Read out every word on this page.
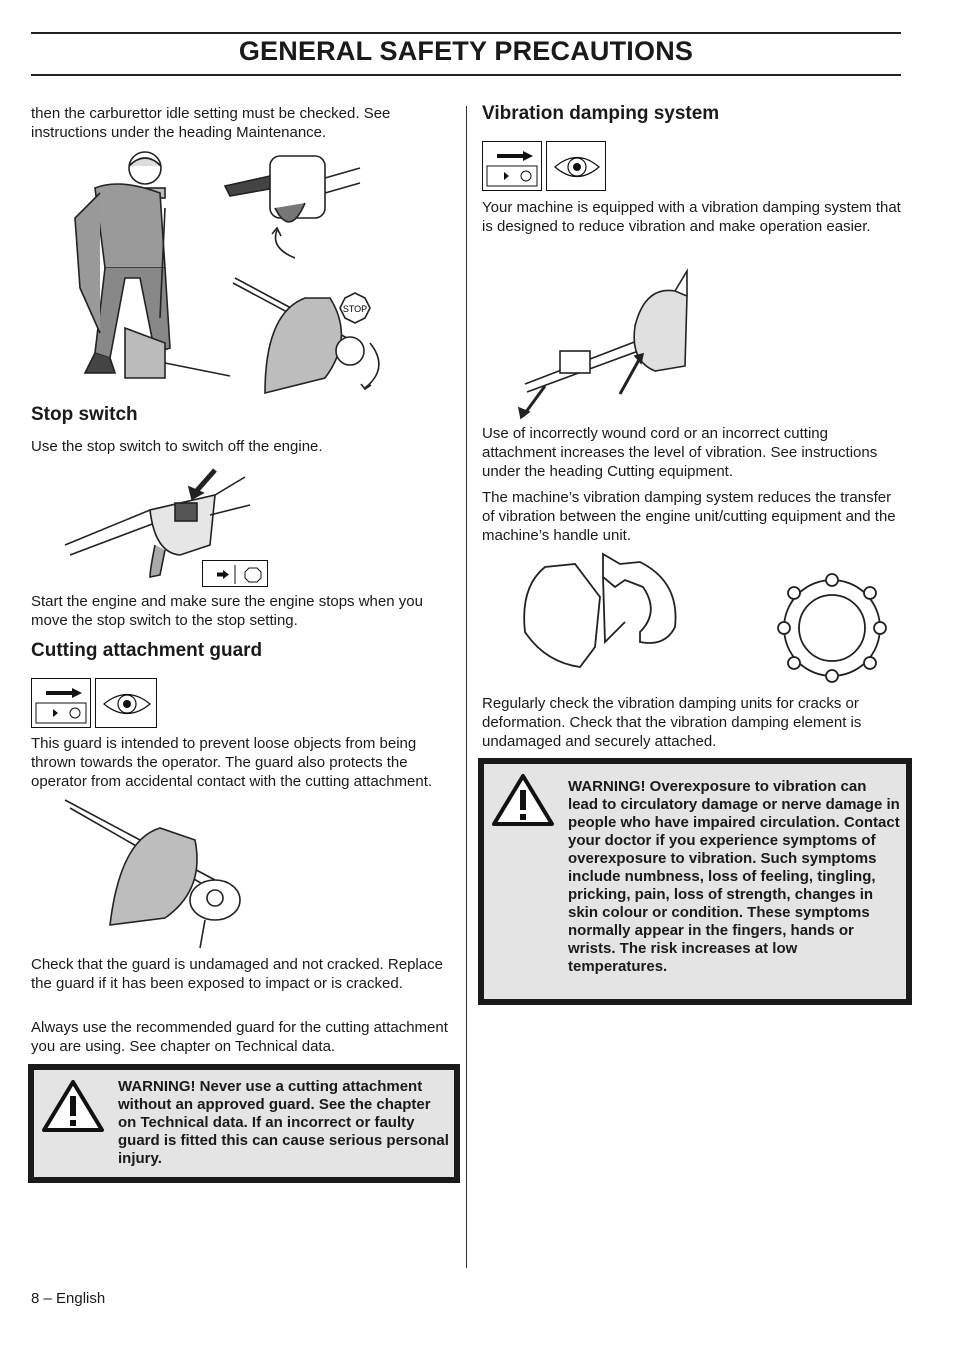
GENERAL SAFETY PRECAUTIONS

then the carburettor idle setting must be checked. See instructions under the heading Maintenance.

STOP
Stop switch

Use the stop switch to switch off the engine.

Start the engine and make sure the engine stops when you move the stop switch to the stop setting.

Cutting attachment guard

This guard is intended to prevent loose objects from being thrown towards the operator. The guard also protects the operator from accidental contact with the cutting attachment.

Check that the guard is undamaged and not cracked. Replace the guard if it has been exposed to impact or is cracked.

Always use the recommended guard for the cutting attachment you are using. See chapter on Technical data.

WARNING! Never use a cutting attachment without an approved guard. See the chapter on Technical data. If an incorrect or faulty guard is fitted this can cause serious personal injury.
Vibration damping system

Your machine is equipped with a vibration damping system that is designed to reduce vibration and make operation easier.

Use of incorrectly wound cord or an incorrect cutting attachment increases the level of vibration. See instructions under the heading Cutting equipment.

The machine’s vibration damping system reduces the transfer of vibration between the engine unit/cutting equipment and the machine’s handle unit.

Regularly check the vibration damping units for cracks or deformation. Check that the vibration damping element is undamaged and securely attached.

WARNING! Overexposure to vibration can lead to circulatory damage or nerve damage in people who have impaired circulation. Contact your doctor if you experience symptoms of overexposure to vibration. Such symptoms include numbness, loss of feeling, tingling, pricking, pain, loss of strength, changes in skin colour or condition. These symptoms normally appear in the fingers, hands or wrists. The risk increases at low temperatures.

8 – English
